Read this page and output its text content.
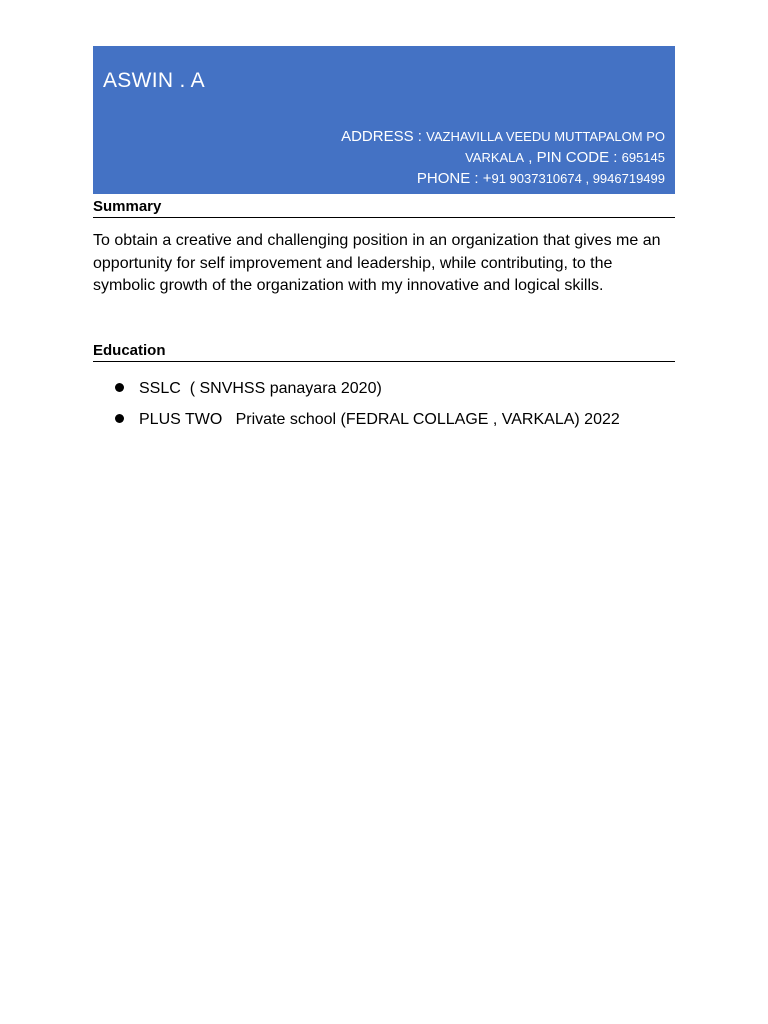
ASWIN . A
ADDRESS : VAZHAVILLA VEEDU MUTTAPALOM PO
VARKALA , PIN CODE : 695145
PHONE : +91 9037310674 , 9946719499
Summary

To obtain a creative and challenging position in an organization that gives me an opportunity for self improvement and leadership, while contributing, to the symbolic growth of the organization with my innovative and logical skills.

Education

SSLC  ( SNVHSS panayara 2020)

PLUS TWO   Private school (FEDRAL COLLAGE , VARKALA) 2022
